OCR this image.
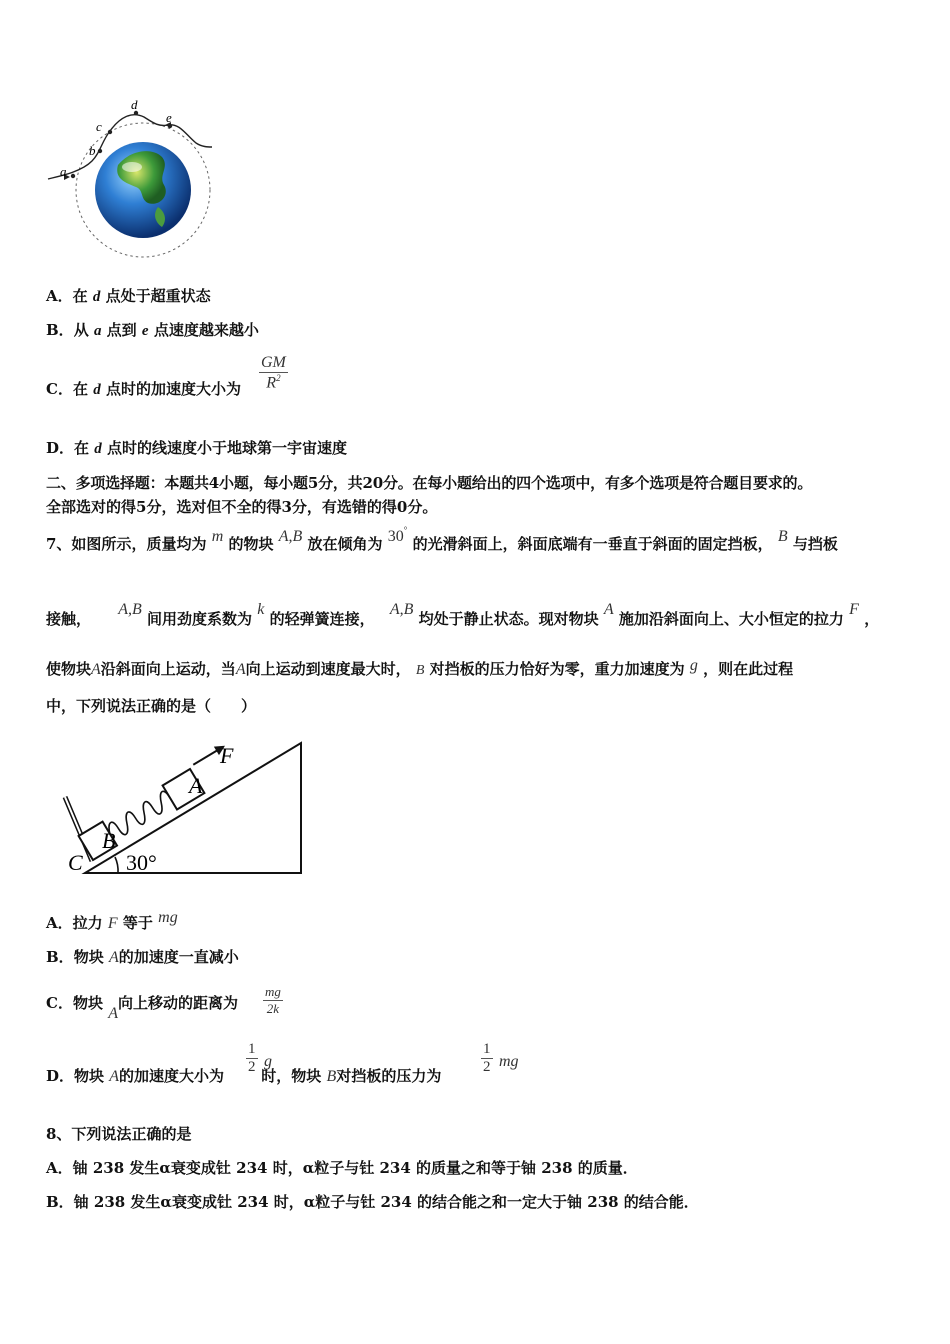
a
b
c
d
e
A．在 d 点处于超重状态
B．从 a 点到 e 点速度越来越小
C．在 d 点时的加速度大小为 $\frac{GM}{R^2}$
D．在 d 点时的线速度小于地球第一宇宙速度
二、多项选择题：本题共4小题，每小题5分，共20分。在每小题给出的四个选项中，有多个选项是符合题目要求的。
全部选对的得5分，选对但不全的得3分，有选错的得0分。
7、如图所示，质量均为 m 的物块 A,B 放在倾角为 30° 的光滑斜面上，斜面底端有一垂直于斜面的固定挡板， B 与挡板
接触， A,B 间用劲度系数为 k 的轻弹簧连接， A,B 均处于静止状态。现对物块 A 施加沿斜面向上、大小恒定的拉力 F ，
使物块A沿斜面向上运动，当A向上运动到速度最大时， B 对挡板的压力恰好为零，重力加速度为 g ，则在此过程
中，下列说法正确的是（　　）
F
A
B
C 30°
A．拉力 F 等于 mg
B．物块 A的加速度一直减小
C．物块 A向上移动的距离为 $\frac{mg}{2k}$
D．物块 A的加速度大小为 时，物块 B对挡板的压力为
$\frac{1}{2}$ g	$\frac{1}{2}$ mg
8、下列说法正确的是
A．铀 238 发生α衰变成钍 234 时，α粒子与钍 234 的质量之和等于铀 238 的质量．
B．铀 238 发生α衰变成钍 234 时，α粒子与钍 234 的结合能之和一定大于铀 238 的结合能．
